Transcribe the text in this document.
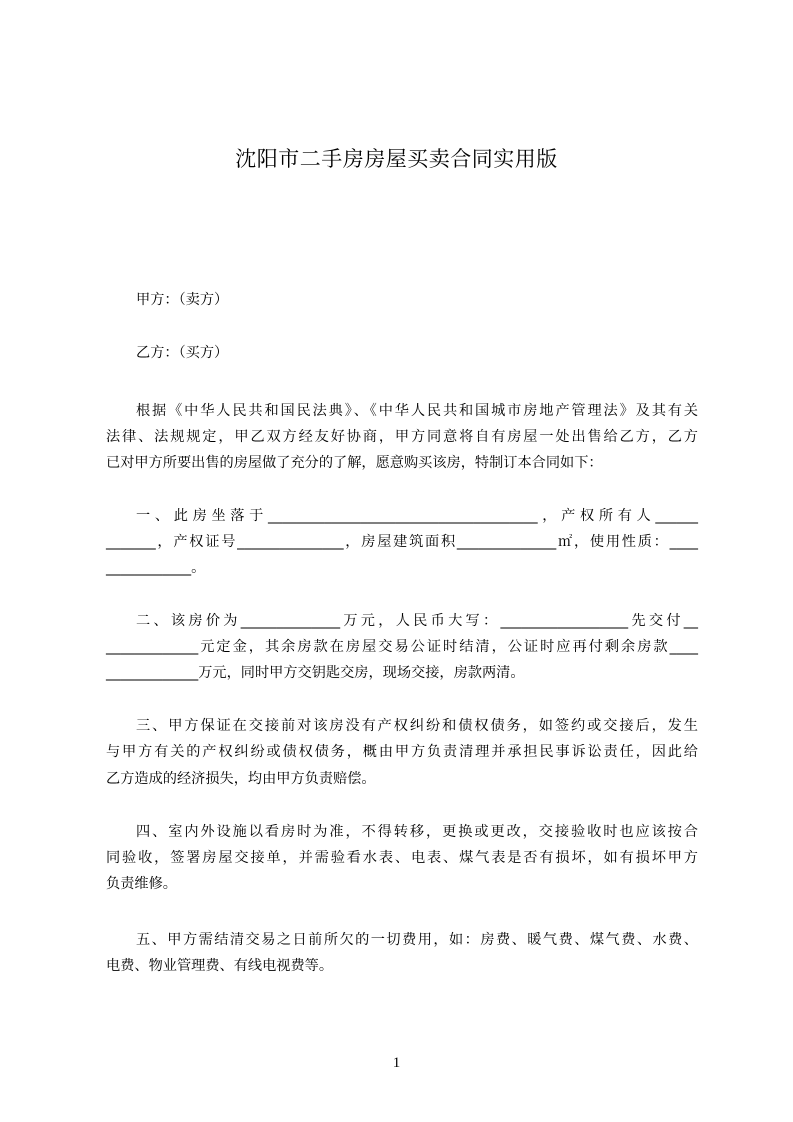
沈阳市二手房房屋买卖合同实用版
甲方：（卖方）
乙方：（买方）
根据《中华人民共和国民法典》、《中华人民共和国城市房地产管理法》及其有关
法律、法规规定，甲乙双方经友好协商，甲方同意将自有房屋一处出售给乙方，乙方
已对甲方所要出售的房屋做了充分的了解，愿意购买该房，特制订本合同如下：
一、此房坐落于______________________________________，产权所有人______
_______，产权证号_______________，房屋建筑面积______________㎡，使用性质：____
____________。
二、该房价为______________万元，人民币大写：__________________先交付__
_____________元定金，其余房款在房屋交易公证时结清，公证时应再付剩余房款____
_____________万元，同时甲方交钥匙交房，现场交接，房款两清。
三、甲方保证在交接前对该房没有产权纠纷和债权债务，如签约或交接后，发生
与甲方有关的产权纠纷或债权债务，概由甲方负责清理并承担民事诉讼责任，因此给
乙方造成的经济损失，均由甲方负责赔偿。
四、室内外设施以看房时为准，不得转移，更换或更改，交接验收时也应该按合
同验收，签署房屋交接单，并需验看水表、电表、煤气表是否有损坏，如有损坏甲方
负责维修。
五、甲方需结清交易之日前所欠的一切费用，如：房费、暖气费、煤气费、水费、
电费、物业管理费、有线电视费等。
1
